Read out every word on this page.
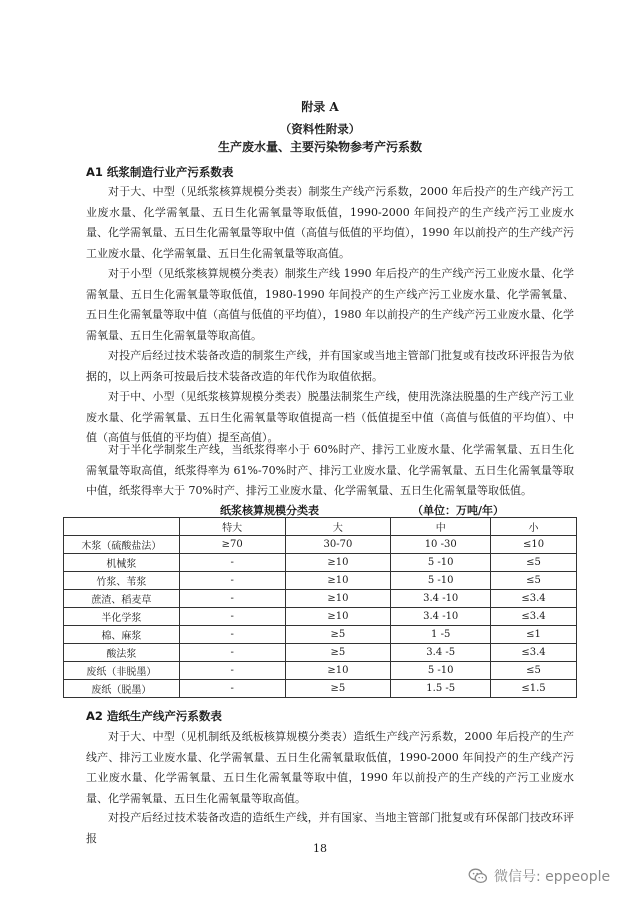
附录 A
（资料性附录）
生产废水量、主要污染物参考产污系数
A1 纸浆制造行业产污系数表

对于大、中型（见纸浆核算规模分类表）制浆生产线产污系数，2000 年后投产的生产线产污工业废水量、化学需氧量、五日生化需氧量等取低值，1990-2000 年间投产的生产线产污工业废水量、化学需氧量、五日生化需氧量等取中值（高值与低值的平均值），1990 年以前投产的生产线产污工业废水量、化学需氧量、五日生化需氧量等取高值。

对于小型（见纸浆核算规模分类表）制浆生产线 1990 年后投产的生产线产污工业废水量、化学需氧量、五日生化需氧量等取低值，1980-1990 年间投产的生产线产污工业废水量、化学需氧量、五日生化需氧量等取中值（高值与低值的平均值），1980 年以前投产的生产线产污工业废水量、化学需氧量、五日生化需氧量等取高值。

对投产后经过技术装备改造的制浆生产线，并有国家或当地主管部门批复或有技改环评报告为依据的，以上两条可按最后技术装备改造的年代作为取值依据。

对于中、小型（见纸浆核算规模分类表）脱墨法制浆生产线，使用洗涤法脱墨的生产线产污工业废水量、化学需氧量、五日生化需氧量等取值提高一档（低值提至中值（高值与低值的平均值）、中值（高值与低值的平均值）提至高值）。

对于半化学制浆生产线，当纸浆得率小于 60%时产、排污工业废水量、化学需氧量、五日生化需氧量等取高值，纸浆得率为 61%-70%时产、排污工业废水量、化学需氧量、五日生化需氧量等取中值，纸浆得率大于 70%时产、排污工业废水量、化学需氧量、五日生化需氧量等取低值。

纸浆核算规模分类表	（单位：万吨/年）
	特大	大	中	小
木浆（硫酸盐法）	≥70	30-70	10 -30	≤10
机械浆	-	≥10	5 -10	≤5
竹浆、苇浆	-	≥10	5 -10	≤5
蔗渣、稻麦草	-	≥10	3.4 -10	≤3.4
半化学浆	-	≥10	3.4 -10	≤3.4
棉、麻浆	-	≥5	1 -5	≤1
酸法浆	-	≥5	3.4 -5	≤3.4
废纸（非脱墨）	-	≥10	5 -10	≤5
废纸（脱墨）	-	≥5	1.5 -5	≤1.5
A2 造纸生产线产污系数表

对于大、中型（见机制纸及纸板核算规模分类表）造纸生产线产污系数，2000 年后投产的生产线产、排污工业废水量、化学需氧量、五日生化需氧量取低值，1990-2000 年间投产的生产线产污工业废水量、化学需氧量、五日生化需氧量等取中值，1990 年以前投产的生产线的产污工业废水量、化学需氧量、五日生化需氧量等取高值。

对投产后经过技术装备改造的造纸生产线，并有国家、当地主管部门批复或有环保部门技改环评报

18
微信号: eppeople
